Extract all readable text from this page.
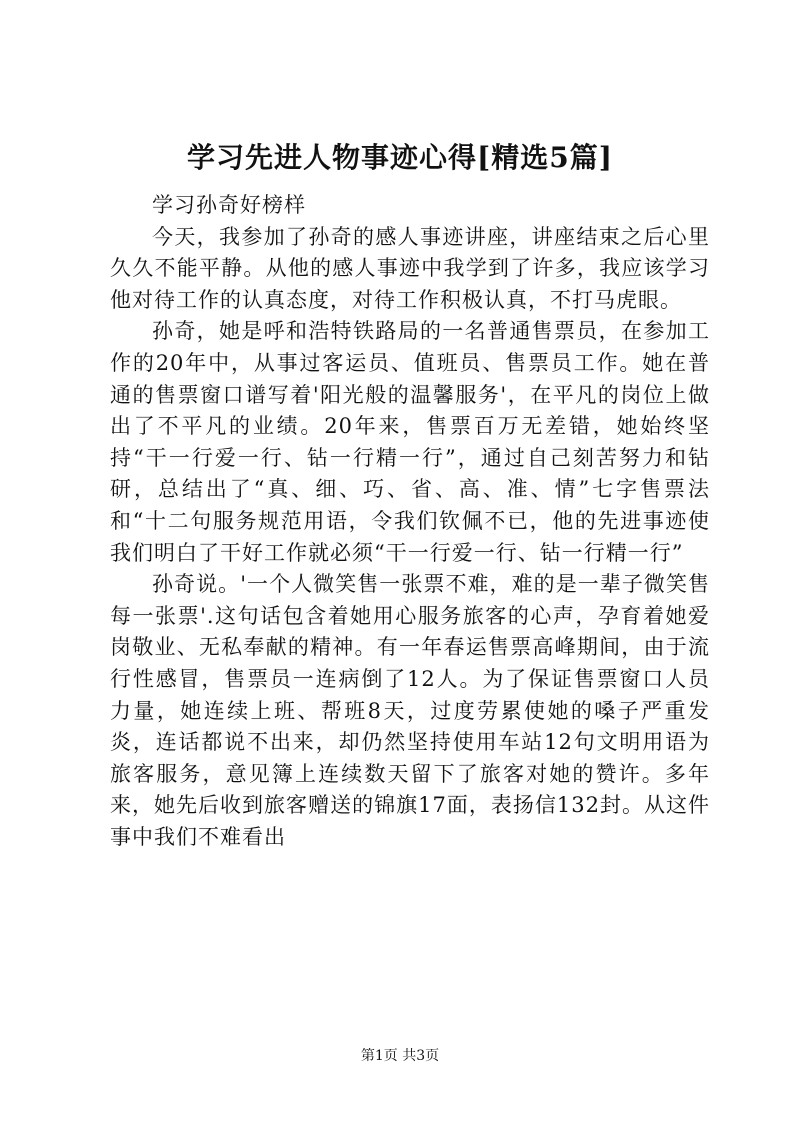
学习先进人物事迹心得[精选5篇]

学习孙奇好榜样

今天，我参加了孙奇的感人事迹讲座，讲座结束之后心里久久不能平静。从他的感人事迹中我学到了许多，我应该学习他对待工作的认真态度，对待工作积极认真，不打马虎眼。

孙奇，她是呼和浩特铁路局的一名普通售票员，在参加工作的20年中，从事过客运员、值班员、售票员工作。她在普通的售票窗口谱写着'阳光般的温馨服务'，在平凡的岗位上做出了不平凡的业绩。20年来，售票百万无差错，她始终坚持“干一行爱一行、钻一行精一行”，通过自己刻苦努力和钻研，总结出了“真、细、巧、省、高、准、情”七字售票法和“十二句服务规范用语，令我们钦佩不已，他的先进事迹使我们明白了干好工作就必须“干一行爱一行、钻一行精一行”

孙奇说。'一个人微笑售一张票不难，难的是一辈子微笑售每一张票'.这句话包含着她用心服务旅客的心声，孕育着她爱岗敬业、无私奉献的精神。有一年春运售票高峰期间，由于流行性感冒，售票员一连病倒了12人。为了保证售票窗口人员力量，她连续上班、帮班8天，过度劳累使她的嗓子严重发炎，连话都说不出来，却仍然坚持使用车站12句文明用语为旅客服务，意见簿上连续数天留下了旅客对她的赞许。多年来，她先后收到旅客赠送的锦旗17面，表扬信132封。从这件事中我们不难看出

第1页 共3页
